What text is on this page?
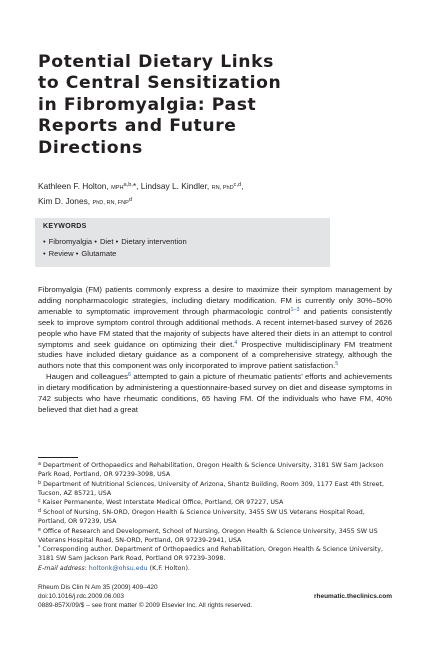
Potential Dietary Links
to Central Sensitization
in Fibromyalgia: Past
Reports and Future
Directions
Kathleen F. Holton, $MPH^{a,b,}*$, Lindsay L. Kindler, RN, PhD$^{c,d}$,
Kim D. Jones, PhD, RN, FNP$^d$
KEYWORDS
• Fibromyalgia • Diet • Dietary intervention
• Review • Glutamate

Fibromyalgia (FM) patients commonly express a desire to maximize their symptom management by adding nonpharmacologic strategies, including dietary modification. FM is currently only 30%–50% amenable to symptomatic improvement through pharmacologic control$^{1-3}$ and patients consistently seek to improve symptom control through additional methods. A recent internet-based survey of 2626 people who have FM stated that the majority of subjects have altered their diets in an attempt to control symptoms and seek guidance on optimizing their diet.$^4$ Prospective multidisciplinary FM treatment studies have included dietary guidance as a component of a comprehensive strategy, although the authors note that this component was only incorporated to improve patient satisfaction.$^5$

Haugen and colleagues$^6$ attempted to gain a picture of rheumatic patients’ efforts and achievements in dietary modification by administering a questionnaire-based survey on diet and disease symptoms in 742 subjects who have rheumatic conditions, 65 having FM. Of the individuals who have FM, 40% believed that diet had a great

$^a$ Department of Orthopaedics and Rehabilitation, Oregon Health & Science University, 3181 SW Sam Jackson Park Road, Portland, OR 97239-3098, USA

$^b$ Department of Nutritional Sciences, University of Arizona, Shantz Building, Room 309, 1177 East 4th Street, Tucson, AZ 85721, USA

$^c$ Kaiser Permanente, West Interstate Medical Office, Portland, OR 97227, USA

$^d$ School of Nursing, SN-ORD, Oregon Health & Science University, 3455 SW US Veterans Hospital Road, Portland, OR 97239, USA

$^e$ Office of Research and Development, School of Nursing, Oregon Health & Science University, 3455 SW US Veterans Hospital Road, SN-ORD, Portland, OR 97239-2941, USA

* Corresponding author. Department of Orthopaedics and Rehabilitation, Oregon Health & Science University, 3181 SW Sam Jackson Park Road, Portland OR 97239-3098.

E-mail address: holtonk@ohsu.edu (K.F. Holton).

Rheum Dis Clin N Am 35 (2009) 409–420
doi:10.1016/j.rdc.2009.06.003	rheumatic.theclinics.com
0889-857X/09/$ – see front matter © 2009 Elsevier Inc. All rights reserved.
